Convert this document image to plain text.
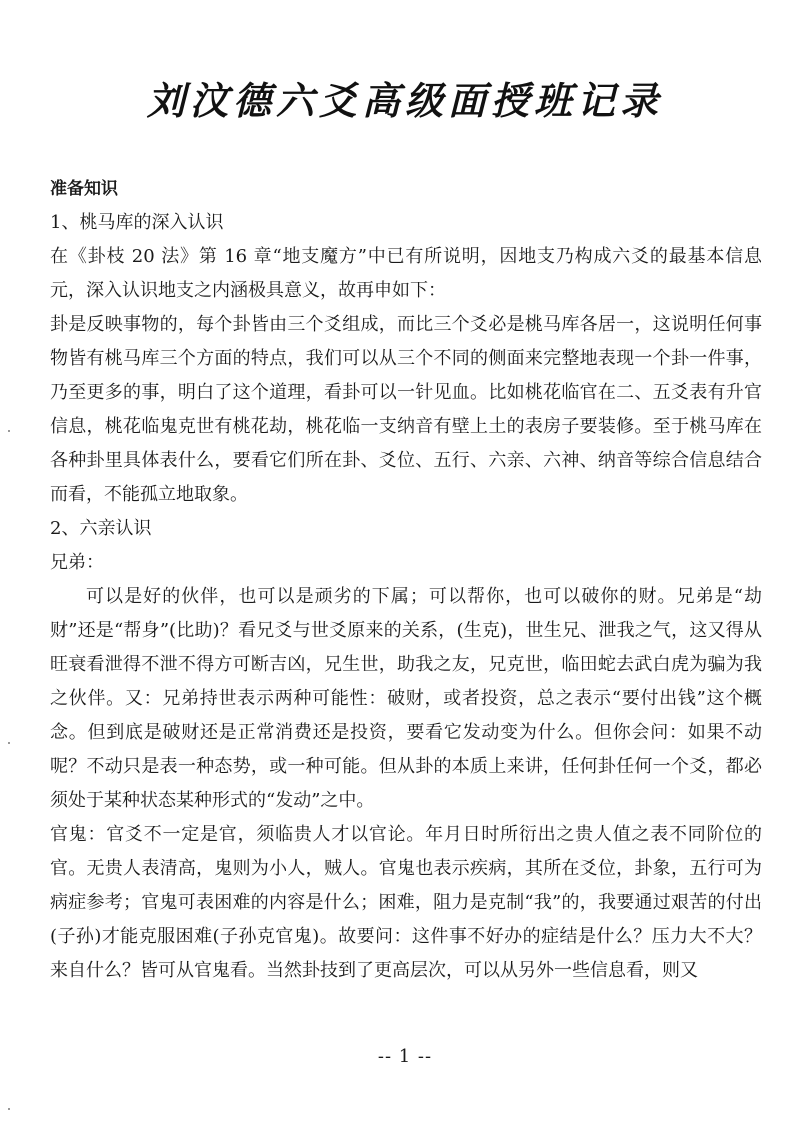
刘汶德六爻高级面授班记录

准备知识

1、桃马库的深入认识

在《卦枝 20 法》第 16 章“地支魔方”中已有所说明，因地支乃构成六爻的最基本信息元，深入认识地支之内涵极具意义，故再申如下：

卦是反映事物的，每个卦皆由三个爻组成，而比三个爻必是桃马库各居一，这说明任何事物皆有桃马库三个方面的特点，我们可以从三个不同的侧面来完整地表现一个卦一件事，乃至更多的事，明白了这个道理，看卦可以一针见血。比如桃花临官在二、五爻表有升官信息，桃花临鬼克世有桃花劫，桃花临一支纳音有壁上土的表房子要装修。至于桃马库在各种卦里具体表什么，要看它们所在卦、爻位、五行、六亲、六神、纳音等综合信息结合而看，不能孤立地取象。

2、六亲认识

兄弟：

可以是好的伙伴，也可以是顽劣的下属；可以帮你，也可以破你的财。兄弟是“劫财”还是“帮身”(比助)？看兄爻与世爻原来的关系，(生克)，世生兄、泄我之气，这又得从旺衰看泄得不泄不得方可断吉凶，兄生世，助我之友，兄克世，临田蛇去武白虎为骗为我之伙伴。又：兄弟持世表示两种可能性：破财，或者投资，总之表示“要付出钱”这个概念。但到底是破财还是正常消费还是投资，要看它发动变为什么。但你会问：如果不动呢？不动只是表一种态势，或一种可能。但从卦的本质上来讲，任何卦任何一个爻，都必须处于某种状态某种形式的“发动”之中。

官鬼：官爻不一定是官，须临贵人才以官论。年月日时所衍出之贵人值之表不同阶位的官。无贵人表清高，鬼则为小人，贼人。官鬼也表示疾病，其所在爻位，卦象，五行可为病症参考；官鬼可表困难的内容是什么；困难，阻力是克制“我”的，我要通过艰苦的付出(子孙)才能克服困难(子孙克官鬼)。故要问：这件事不好办的症结是什么？压力大不大？来自什么？皆可从官鬼看。当然卦技到了更高层次，可以从另外一些信息看，则又

-- 1 --
